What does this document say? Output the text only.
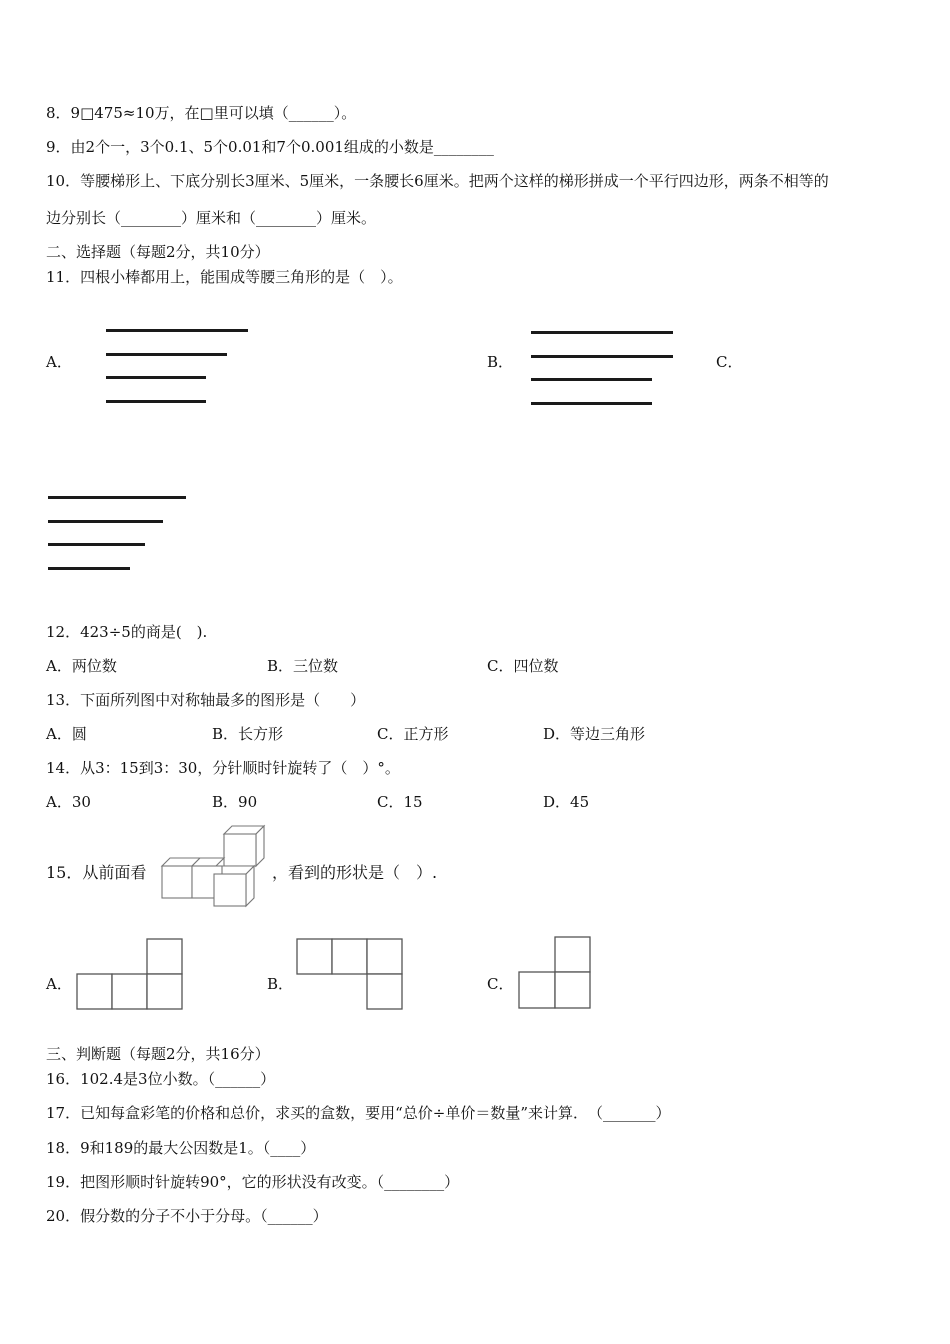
8．9□475≈10万，在□里可以填（______）。
9．由2个一，3个0.1、5个0.01和7个0.001组成的小数是________
10．等腰梯形上、下底分别长3厘米、5厘米，一条腰长6厘米。把两个这样的梯形拼成一个平行四边形，两条不相等的
边分别长（________）厘米和（________）厘米。
二、选择题（每题2分，共10分）
11．四根小棒都用上，能围成等腰三角形的是（　）。
A．	B．	C．
12．423÷5的商是(　).
A．两位数	B．三位数	C．四位数
13．下面所列图中对称轴最多的图形是（　　）
A．圆	B．长方形	C．正方形	D．等边三角形
14．从3：15到3：30，分针顺时针旋转了（　）°。
A．30	B．90	C．15	D．45
15．从前面看	，看到的形状是（　）.
A．	B．	C．
三、判断题（每题2分，共16分）
16．102.4是3位小数。（______）
17．已知每盒彩笔的价格和总价，求买的盒数，要用“总价÷单价＝数量”来计算．　（_______）
18．9和189的最大公因数是1。（____）
19．把图形顺时针旋转90°，它的形状没有改变。（________）
20．假分数的分子不小于分母。（______）
